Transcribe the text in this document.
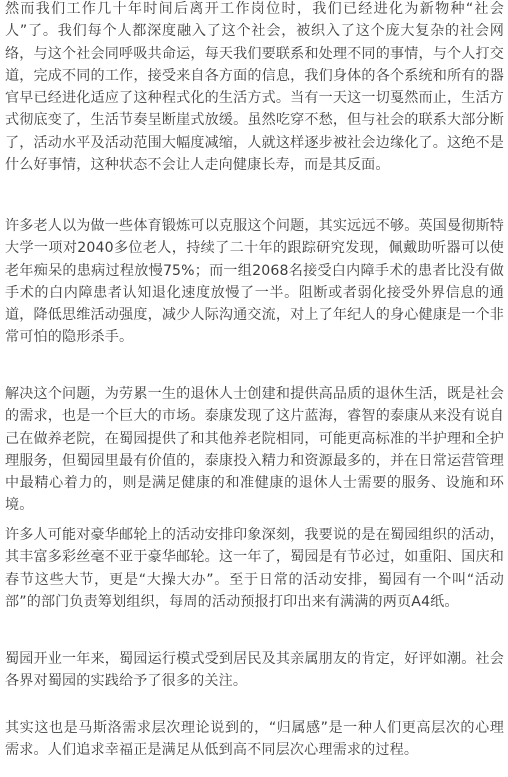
然而我们工作几十年时间后离开工作岗位时，我们已经进化为新物种“社会人”了。我们每个人都深度融入了这个社会，被织入了这个庞大复杂的社会网络，与这个社会同呼吸共命运，每天我们要联系和处理不同的事情，与个人打交道，完成不同的工作，接受来自各方面的信息，我们身体的各个系统和所有的器官早已经进化适应了这种程式化的生活方式。当有一天这一切戛然而止，生活方式彻底变了，生活节奏呈断崖式放缓。虽然吃穿不愁，但与社会的联系大部分断了，活动水平及活动范围大幅度减缩，人就这样逐步被社会边缘化了。这绝不是什么好事情，这种状态不会让人走向健康长寿，而是其反面。

许多老人以为做一些体育锻炼可以克服这个问题，其实远远不够。英国曼彻斯特大学一项对2040多位老人，持续了二十年的跟踪研究发现，佩戴助听器可以使老年痴呆的患病过程放慢75%；而一组2068名接受白内障手术的患者比没有做手术的白内障患者认知退化速度放慢了一半。阻断或者弱化接受外界信息的通道，降低思维活动强度，减少人际沟通交流，对上了年纪人的身心健康是一个非常可怕的隐形杀手。

解决这个问题，为劳累一生的退休人士创建和提供高品质的退休生活，既是社会的需求，也是一个巨大的市场。泰康发现了这片蓝海，睿智的泰康从来没有说自己在做养老院，在蜀园提供了和其他养老院相同，可能更高标准的半护理和全护理服务，但蜀园里最有价值的，泰康投入精力和资源最多的，并在日常运营管理中最精心着力的，则是满足健康的和准健康的退休人士需要的服务、设施和环境。

许多人可能对豪华邮轮上的活动安排印象深刻，我要说的是在蜀园组织的活动，其丰富多彩丝毫不亚于豪华邮轮。这一年了，蜀园是有节必过，如重阳、国庆和春节这些大节，更是“大操大办”。至于日常的活动安排，蜀园有一个叫“活动部”的部门负责筹划组织，每周的活动预报打印出来有满满的两页A4纸。

蜀园开业一年来，蜀园运行模式受到居民及其亲属朋友的肯定，好评如潮。社会各界对蜀园的实践给予了很多的关注。

其实这也是马斯洛需求层次理论说到的，“归属感”是一种人们更高层次的心理需求。人们追求幸福正是满足从低到高不同层次心理需求的过程。
